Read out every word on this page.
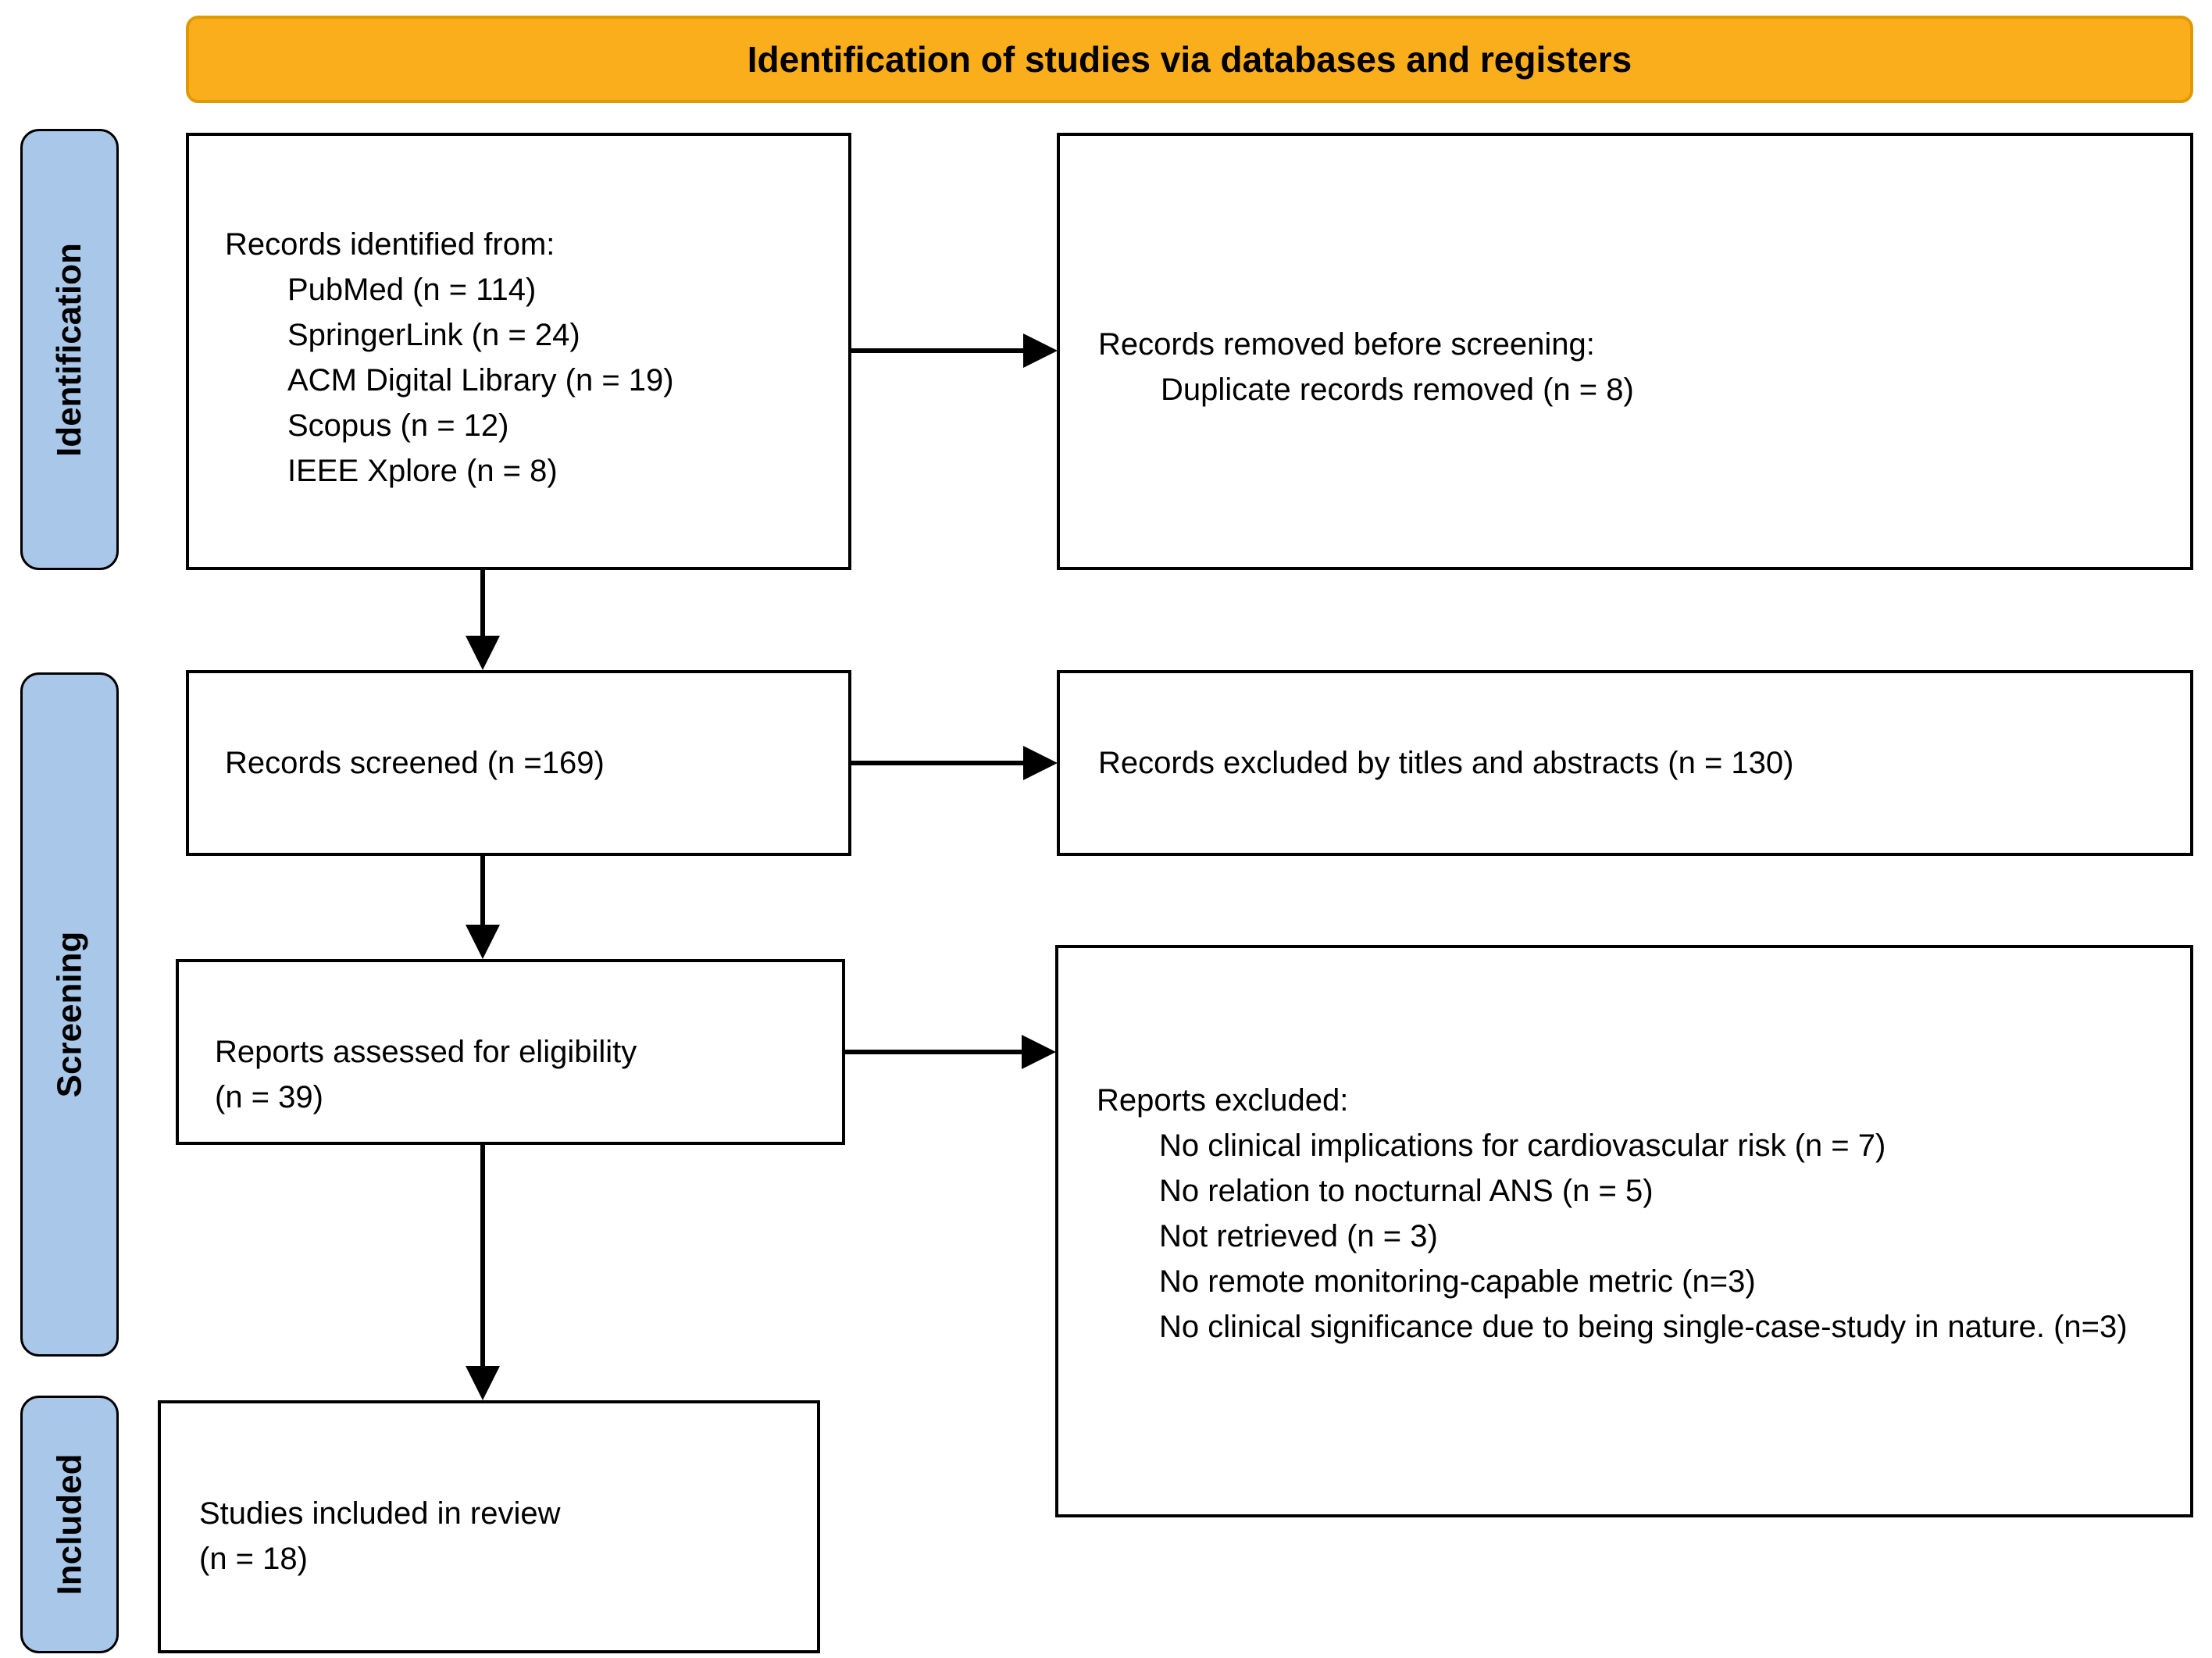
Identification of studies via databases and registers
Identification
Screening
Included
Records identified from:
PubMed (n = 114)
SpringerLink (n = 24)
ACM Digital Library (n = 19)
Scopus (n = 12)
IEEE Xplore (n = 8)
Records removed before screening:
Duplicate records removed (n = 8)
Records screened (n =169)	Records excluded by titles and abstracts (n = 130)
Reports assessed for eligibility
(n = 39)	Reports excluded:
No clinical implications for cardiovascular risk (n = 7)
No relation to nocturnal ANS (n = 5)
Not retrieved (n = 3)
No remote monitoring-capable metric (n=3)
No clinical significance due to being single-case-study in nature. (n=3)
Studies included in review
(n = 18)
